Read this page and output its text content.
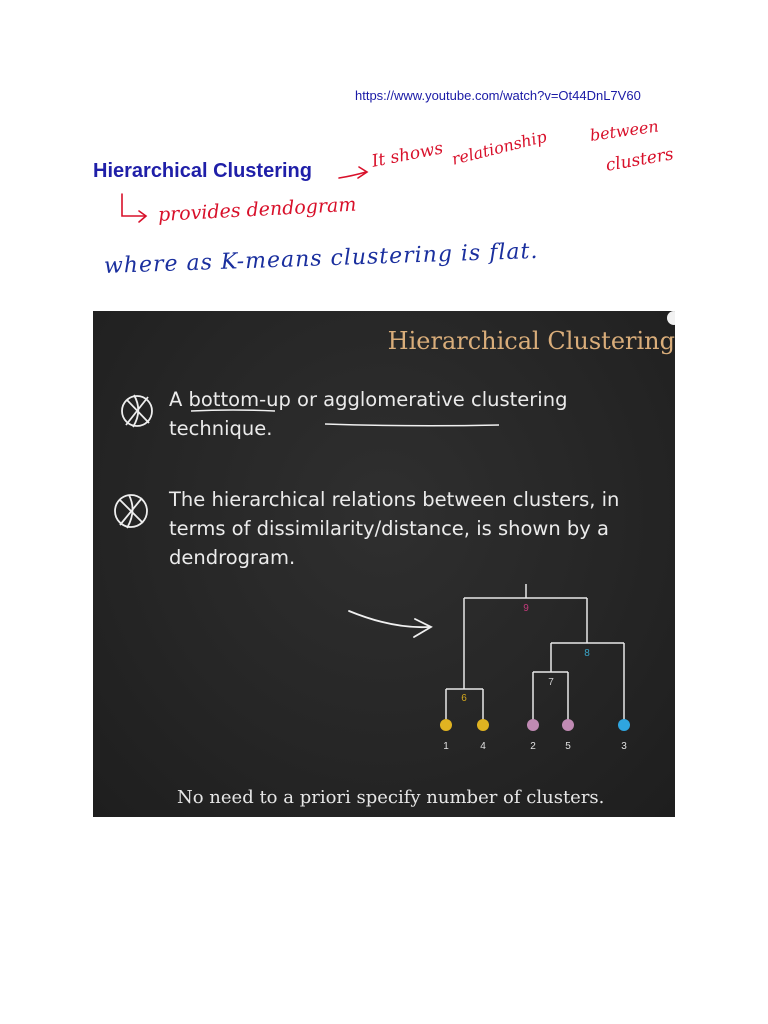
https://www.youtube.com/watch?v=Ot44DnL7V60
Hierarchical Clustering	It shows relationship	between
clusters
provides dendogram
where as K-means clustering is flat.
Hierarchical Clustering
1	4	2	5	3
6
7
8
9
A bottom-up or agglomerative clustering technique.
The hierarchical relations between clusters, in terms of dissimilarity/distance, is shown by a dendrogram.
No need to a priori specify number of clusters.
